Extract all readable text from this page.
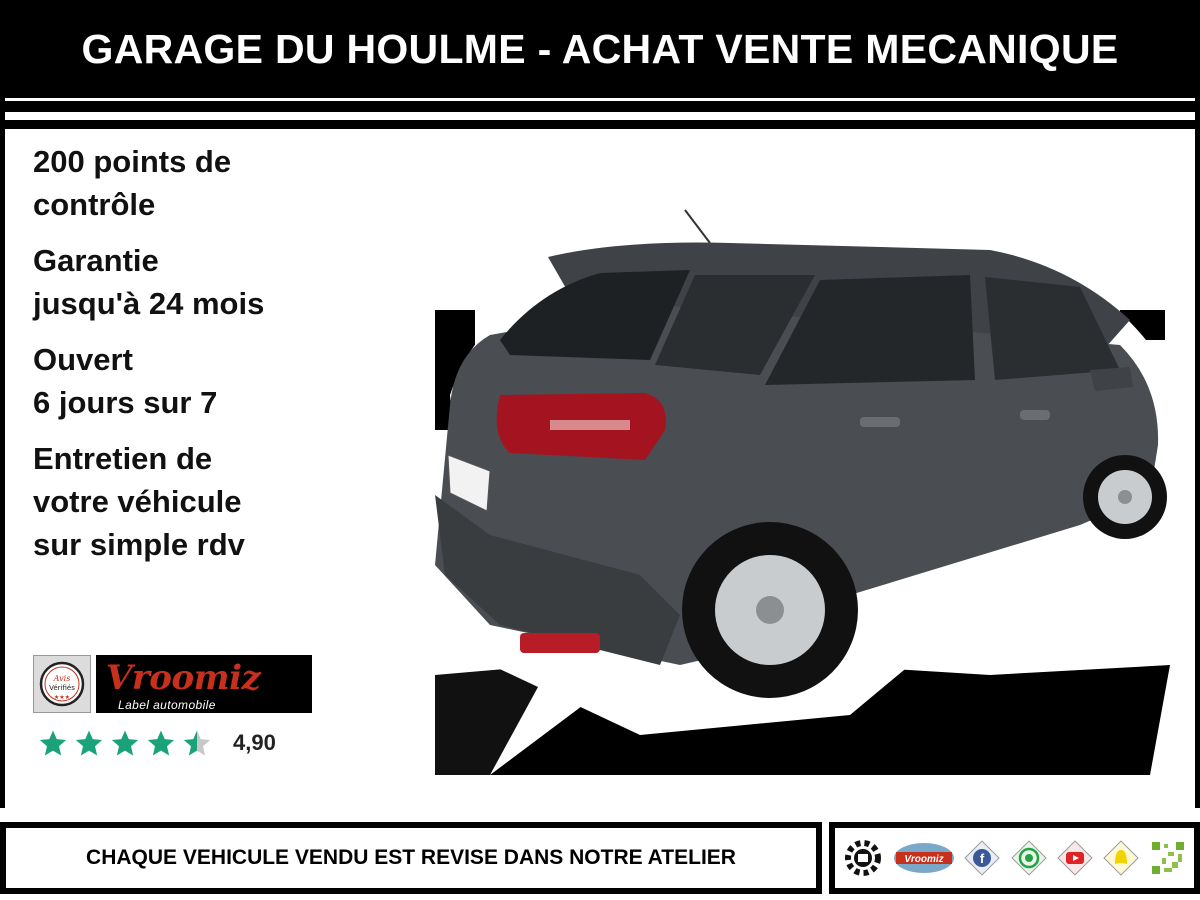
GARAGE DU HOULME - ACHAT VENTE MECANIQUE
200 points de
contrôle
Garantie
jusqu'à 24 mois
Ouvert
6 jours sur 7
Entretien de
votre véhicule
sur simple rdv
Avis
Vérifiés
★★★ Vroomiz
Label automobile
4,90
CHAQUE VEHICULE VENDU EST REVISE DANS NOTRE ATELIER	Vroomiz	f
